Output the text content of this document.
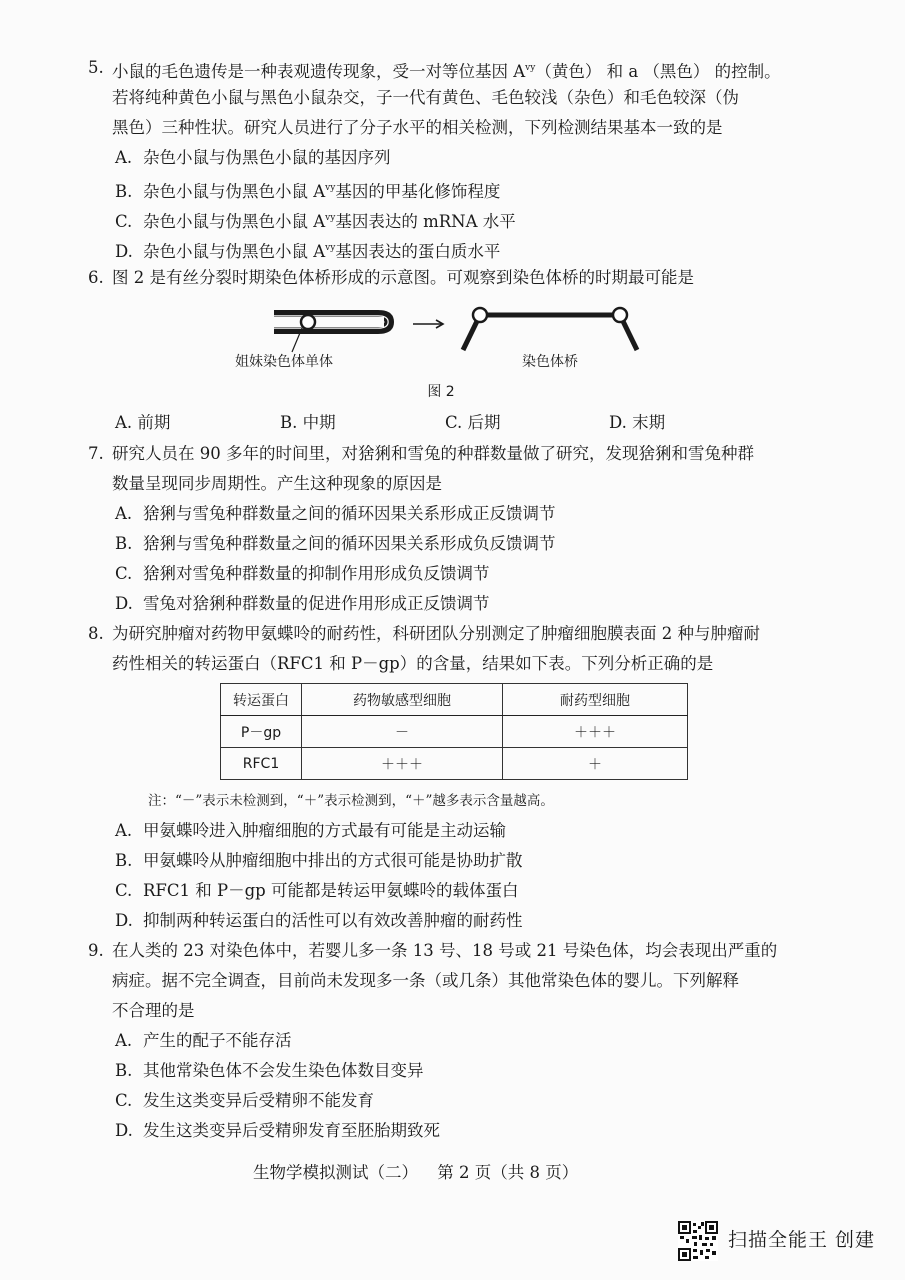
5. 小鼠的毛色遗传是一种表观遗传现象，受一对等位基因 $A^{vy}$（黄色） 和 a （黑色） 的控制。
若将纯种黄色小鼠与黑色小鼠杂交，子一代有黄色、毛色较浅（杂色）和毛色较深（伪
黑色）三种性状。研究人员进行了分子水平的相关检测，下列检测结果基本一致的是
A. 杂色小鼠与伪黑色小鼠的基因序列
B. 杂色小鼠与伪黑色小鼠 $A^{vy}$基因的甲基化修饰程度
C. 杂色小鼠与伪黑色小鼠 $A^{vy}$基因表达的 mRNA 水平
D. 杂色小鼠与伪黑色小鼠 $A^{vy}$基因表达的蛋白质水平
6. 图 2 是有丝分裂时期染色体桥形成的示意图。可观察到染色体桥的时期最可能是
姐妹染色体单体	染色体桥
图 2
A. 前期	B. 中期	C. 后期	D. 末期
7. 研究人员在 90 多年的时间里，对猞猁和雪兔的种群数量做了研究，发现猞猁和雪兔种群
数量呈现同步周期性。产生这种现象的原因是
A. 猞猁与雪兔种群数量之间的循环因果关系形成正反馈调节
B. 猞猁与雪兔种群数量之间的循环因果关系形成负反馈调节
C. 猞猁对雪兔种群数量的抑制作用形成负反馈调节
D. 雪兔对猞猁种群数量的促进作用形成正反馈调节
8. 为研究肿瘤对药物甲氨蝶呤的耐药性，科研团队分别测定了肿瘤细胞膜表面 2 种与肿瘤耐
药性相关的转运蛋白（RFC1 和 P－gp）的含量，结果如下表。下列分析正确的是
转运蛋白	药物敏感型细胞	耐药型细胞
P－gp	－	＋＋＋
RFC1	＋＋＋	＋
注：“－”表示未检测到，“＋”表示检测到，“＋”越多表示含量越高。
A. 甲氨蝶呤进入肿瘤细胞的方式最有可能是主动运输
B. 甲氨蝶呤从肿瘤细胞中排出的方式很可能是协助扩散
C. RFC1 和 P－gp 可能都是转运甲氨蝶呤的载体蛋白
D. 抑制两种转运蛋白的活性可以有效改善肿瘤的耐药性
9. 在人类的 23 对染色体中，若婴儿多一条 13 号、18 号或 21 号染色体，均会表现出严重的
病症。据不完全调查，目前尚未发现多一条（或几条）其他常染色体的婴儿。下列解释
不合理的是
A. 产生的配子不能存活
B. 其他常染色体不会发生染色体数目变异
C. 发生这类变异后受精卵不能发育
D. 发生这类变异后受精卵发育至胚胎期致死
生物学模拟测试（二） 第 2 页（共 8 页）
扫描全能王 创建
